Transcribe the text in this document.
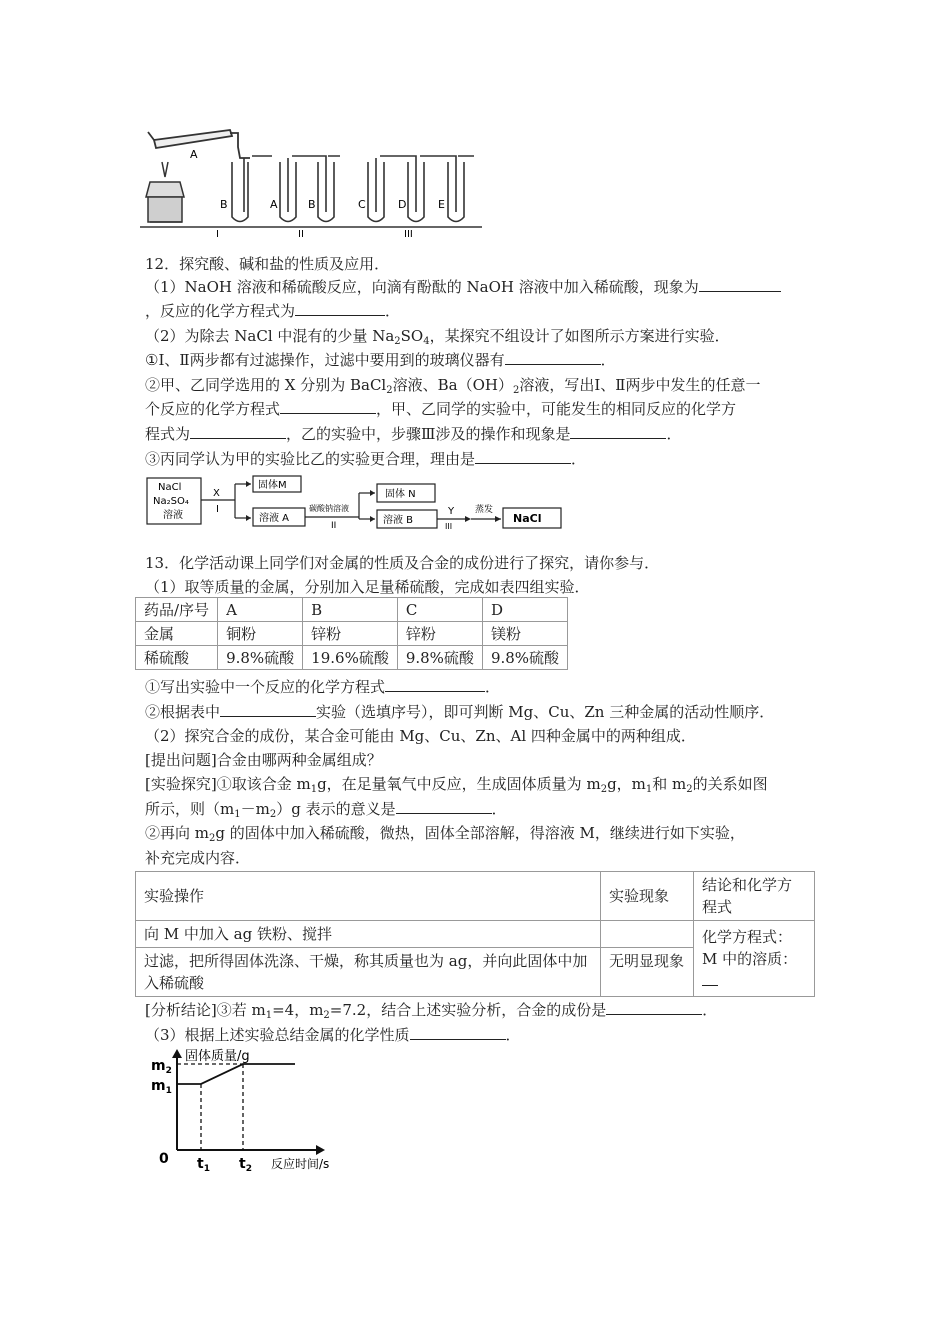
A
B	A	B	C	D	E
I	II	III
12．探究酸、碱和盐的性质及应用．
（1）NaOH 溶液和稀硫酸反应，向滴有酚酞的 NaOH 溶液中加入稀硫酸，现象为
，反应的化学方程式为	．
（2）为除去 NaCl 中混有的少量 $Na_2SO_4$，某探究不组设计了如图所示方案进行实验．
①Ⅰ、Ⅱ两步都有过滤操作，过滤中要用到的玻璃仪器有	．
②甲、乙同学选用的 X 分别为 BaCl$_2$溶液、$Ba(OH)_2$溶液，写出Ⅰ、Ⅱ两步中发生的任意一
个反应的化学方程式	，甲、乙同学的实验中，可能发生的相同反应的化学方
程式为	，乙的实验中，步骤Ⅲ涉及的操作和现象是	．
③丙同学认为甲的实验比乙的实验更合理，理由是	．
NaCl
Na₂SO₄
溶液
X
I
固体M
溶液 A
碳酸钠溶液
II
固体 N
溶液 B
Y
III
蒸发
NaCl
13．化学活动课上同学们对金属的性质及合金的成份进行了探究，请你参与．
（1）取等质量的金属，分别加入足量稀硫酸，完成如表四组实验．
药品/序号	A	B	C	D
金属	铜粉	锌粉	锌粉	镁粉
稀硫酸	9.8%硫酸	19.6%硫酸	9.8%硫酸	9.8%硫酸
①写出实验中一个反应的化学方程式	．
②根据表中	实验（选填序号），即可判断 Mg、Cu、Zn 三种金属的活动性顺序．
（2）探究合金的成份，某合金可能由 Mg、Cu、Zn、Al 四种金属中的两种组成．
[提出问题]合金由哪两种金属组成？
[实验探究]①取该合金 $m_1g$，在足量氧气中反应，生成固体质量为 $m_2g$，$m_1$和 $m_2$的关系如图
所示，则$(m_1-m_2)g$ 表示的意义是	．
②再向 $m_2g$ 的固体中加入稀硫酸，微热，固体全部溶解，得溶液 M，继续进行如下实验，
补充完成内容．
实验操作	实验现象	结论和化学方程式
向 M 中加入 ag 铁粉、搅拌		化学方程式：
M 中的溶质：

过滤，把所得固体洗涤、干燥，称其质量也为 ag，并向此固体中加入稀硫酸	无明显现象	
[分析结论]③若 $m_1=4$，$m_2=7.2$，结合上述实验分析，合金的成份是	．
（3）根据上述实验总结金属的化学性质	．
固体质量/g
$m_2$
$m_1$
0 $t_1$ $t_2$ 反应时间/s
